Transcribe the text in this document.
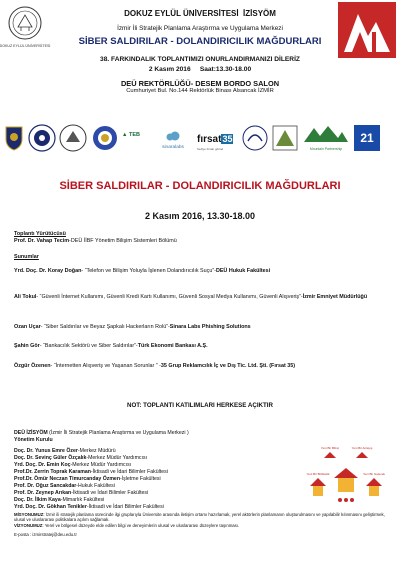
DOKUZ EYLÜL ÜNİVERSİTESİ
DOKUZ EYLÜL ÜNİVERSİTESİ İZİSYÖM
İzmir İli Stratejik Planlama Araştırma ve Uygulama Merkezi
SİBER SALDIRILAR - DOLANDIRICILIK MAĞDURLARI
38. FARKINDALIK TOPLANTIMIZI ONURLANDIRMANIZI DİLERİZ
2 Kasım 2016 Saat:13.30-18.00
DEÜ REKTÖRLÜĞÜ- DESEM BORDO SALON
Cumhuriyet Bul. No.144 Rektörlük Binası Alsancak İZMİR
▲ TEB
sinaralabs
fırsat35
hediye fırsatı görsel	Mountain Partnership
21
SİBER SALDIRILAR - DOLANDIRICILIK MAĞDURLARI
2 Kasım 2016, 13.30-18.00
Toplantı Yürütücüsü
Prof. Dr. Vahap Tecim-DEÜ İİBF Yönetim Bilişim Sistemleri Bölümü
Sunumlar
Yrd. Doç. Dr. Koray Doğan- “Telefon ve Bilişim Yoluyla İşlenen Dolandırıcılık Suçu”-DEÜ Hukuk Fakültesi
Ali Tokul- “Güvenli İnternet Kullanımı, Güvenli Kredi Kartı Kullanımı, Güvenli Sosyal Medya Kullanımı, Güvenli Alışveriş”-İzmir Emniyet Müdürlüğü
Ozan Uçar- “Siber Saldırılar ve Beyaz Şapkalı Hackerların Rolü”-Sinara Labs Phishing Solutions
Şahin Gör- “Bankacılık Sektörü ve Siber Saldırılar”-Türk Ekonomi Bankası A.Ş.
Özgür Özenen- “İnternetten Alışveriş ve Yaşanan Sorunlar ” -35 Grup Reklamcılık İç ve Dış Tic. Ltd. Şti. (Fırsat 35)
NOT: TOPLANTI KATILIMLARI HERKESE AÇIKTIR
DEÜ İZİSYÖM (İzmir İli Stratejik Planlama Araştırma ve Uygulama Merkezi )
Yönetim Kurulu
Doç. Dr. Yunus Emre Özer-Merkez Müdürü
Doç. Dr. Sevinç Güler Özçalık-Merkez Müdür Yardımcısı
Yrd. Doç. Dr. Emin Koç-Merkez Müdür Yardımcısı
Prof.Dr. Zerrin Toprak Karaman-İktisadi ve İdari Bilimler Fakültesi
Prof.Dr. Ömür Neczan Timurcanday Özmen-İşletme Fakültesi
Prof. Dr. Oğuz Sancakdar-Hukuk Fakültesi
Prof. Dr. Zeynep Arıkan-İktisadi ve İdari Bilimler Fakültesi
Doç. Dr. İlkim Kaya-Mimarlık Fakültesi
Yrd. Doç. Dr. Gökhan Tenikler-İktisadi ve İdari Bilimler Fakültesi
Yeni Bir Bilinç	Yeni Bir Anlayış
Yeni Bir Birliktelik	Yeni Bir Gelecek
MİSYONUMUZ: İzmir ili stratejik planlama sürecinde ilgi gruplarıyla Üniversite arasında iletişim ortamı hazırlamak, yerel aktörlerin planlamanın oluşturulmasını ve yapılabilir kılınmasını geliştirmek, ulusal ve uluslararası politikalara açılım sağlamak.
VİZYONUMUZ: Yerel ve bölgesel düzeyde elde edilen bilgi ve deneyimlerin ulusal ve uluslararası düzeylere taşınması.
E-posta : izmirstratej@deu.edu.tr
